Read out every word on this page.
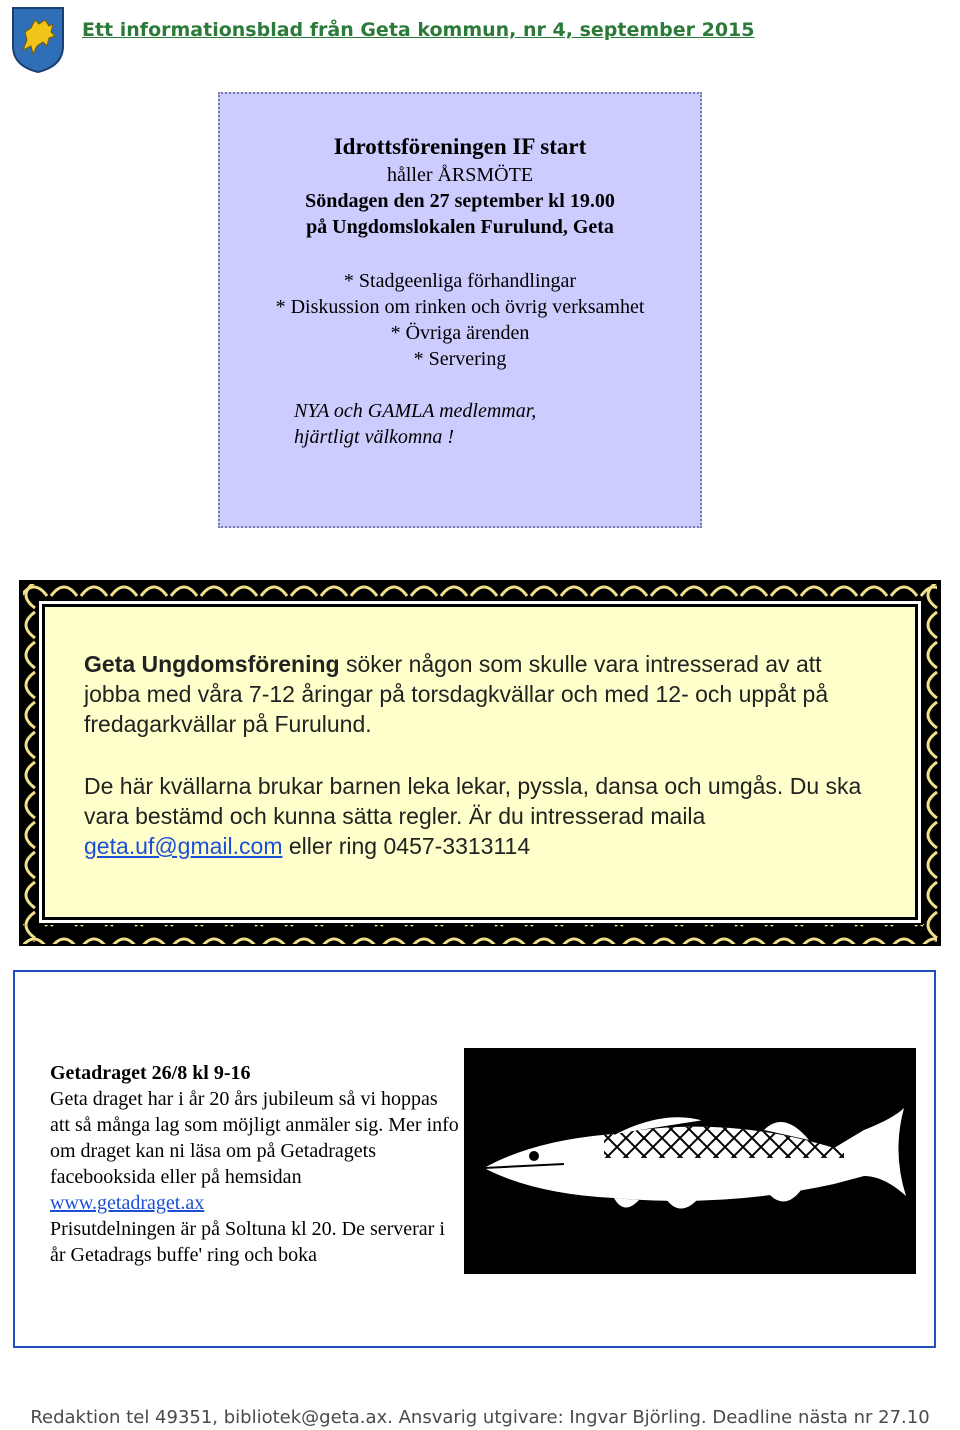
Ett informationsblad från Geta kommun, nr 4, september 2015
Idrottsföreningen IF start
håller ÅRSMÖTE
Söndagen den 27 september kl 19.00
på Ungdomslokalen Furulund, Geta
* Stadgeenliga förhandlingar
* Diskussion om rinken och övrig verksamhet
* Övriga ärenden
* Servering
NYA och GAMLA medlemmar,
hjärtligt välkomna !
Geta Ungdomsförening söker någon som skulle vara intresserad av att jobba med våra 7-12 åringar på torsdagkvällar och med 12- och uppåt på fredagarkvällar på Furulund.
De här kvällarna brukar barnen leka lekar, pyssla, dansa och umgås. Du ska vara bestämd och kunna sätta regler. Är du intresserad maila geta.uf@gmail.com eller ring 0457-3313114
Getadraget 26/8 kl 9-16
Geta draget har i år 20 års jubileum så vi hoppas att så många lag som möjligt anmäler sig. Mer info om draget kan ni läsa om på Getadragets facebooksida eller på hemsidan www.getadraget.ax
Prisutdelningen är på Soltuna kl 20. De serverar i år Getadrags buffe' ring och boka
Redaktion tel 49351, bibliotek@geta.ax. Ansvarig utgivare: Ingvar Björling. Deadline nästa nr 27.10
